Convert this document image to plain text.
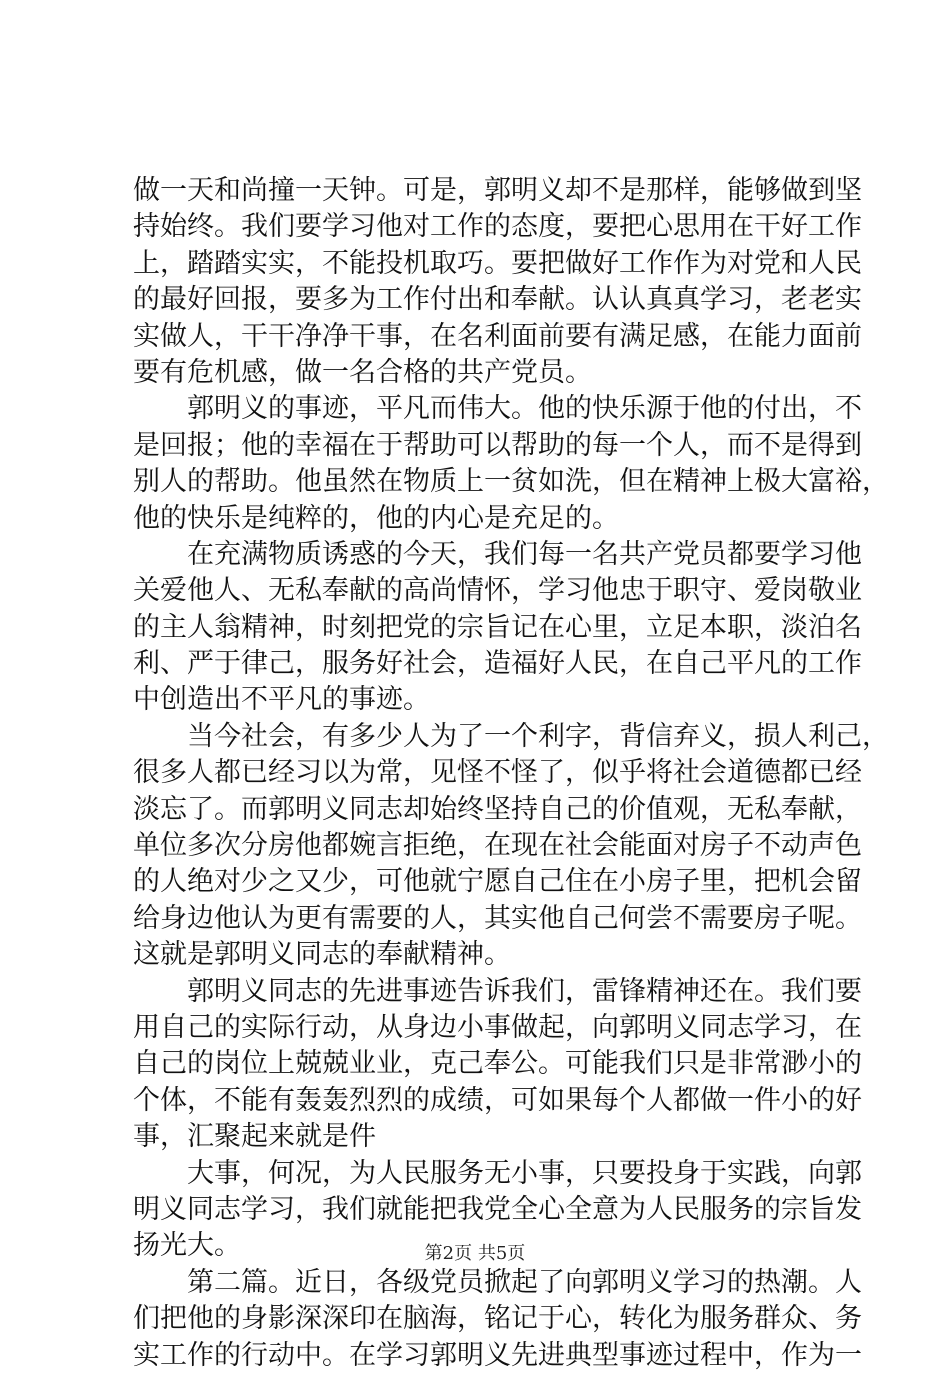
做一天和尚撞一天钟。可是，郭明义却不是那样，能够做到坚
持始终。我们要学习他对工作的态度，要把心思用在干好工作
上，踏踏实实，不能投机取巧。要把做好工作作为对党和人民
的最好回报，要多为工作付出和奉献。认认真真学习，老老实
实做人，干干净净干事，在名利面前要有满足感，在能力面前
要有危机感，做一名合格的共产党员。
郭明义的事迹，平凡而伟大。他的快乐源于他的付出，不
是回报；他的幸福在于帮助可以帮助的每一个人，而不是得到
别人的帮助。他虽然在物质上一贫如洗，但在精神上极大富裕，
他的快乐是纯粹的，他的内心是充足的。
在充满物质诱惑的今天，我们每一名共产党员都要学习他
关爱他人、无私奉献的高尚情怀，学习他忠于职守、爱岗敬业
的主人翁精神，时刻把党的宗旨记在心里，立足本职，淡泊名
利、严于律己，服务好社会，造福好人民，在自己平凡的工作
中创造出不平凡的事迹。
当今社会，有多少人为了一个利字，背信弃义，损人利己，
很多人都已经习以为常，见怪不怪了，似乎将社会道德都已经
淡忘了。而郭明义同志却始终坚持自己的价值观，无私奉献，
单位多次分房他都婉言拒绝，在现在社会能面对房子不动声色
的人绝对少之又少，可他就宁愿自己住在小房子里，把机会留
给身边他认为更有需要的人，其实他自己何尝不需要房子呢。
这就是郭明义同志的奉献精神。
郭明义同志的先进事迹告诉我们，雷锋精神还在。我们要
用自己的实际行动，从身边小事做起，向郭明义同志学习，在
自己的岗位上兢兢业业，克己奉公。可能我们只是非常渺小的
个体，不能有轰轰烈烈的成绩，可如果每个人都做一件小的好
事，汇聚起来就是件
大事，何况，为人民服务无小事，只要投身于实践，向郭
明义同志学习，我们就能把我党全心全意为人民服务的宗旨发
扬光大。
第二篇。近日，各级党员掀起了向郭明义学习的热潮。人
们把他的身影深深印在脑海，铭记于心，转化为服务群众、务
实工作的行动中。在学习郭明义先进典型事迹过程中，作为一
第2页 共5页
